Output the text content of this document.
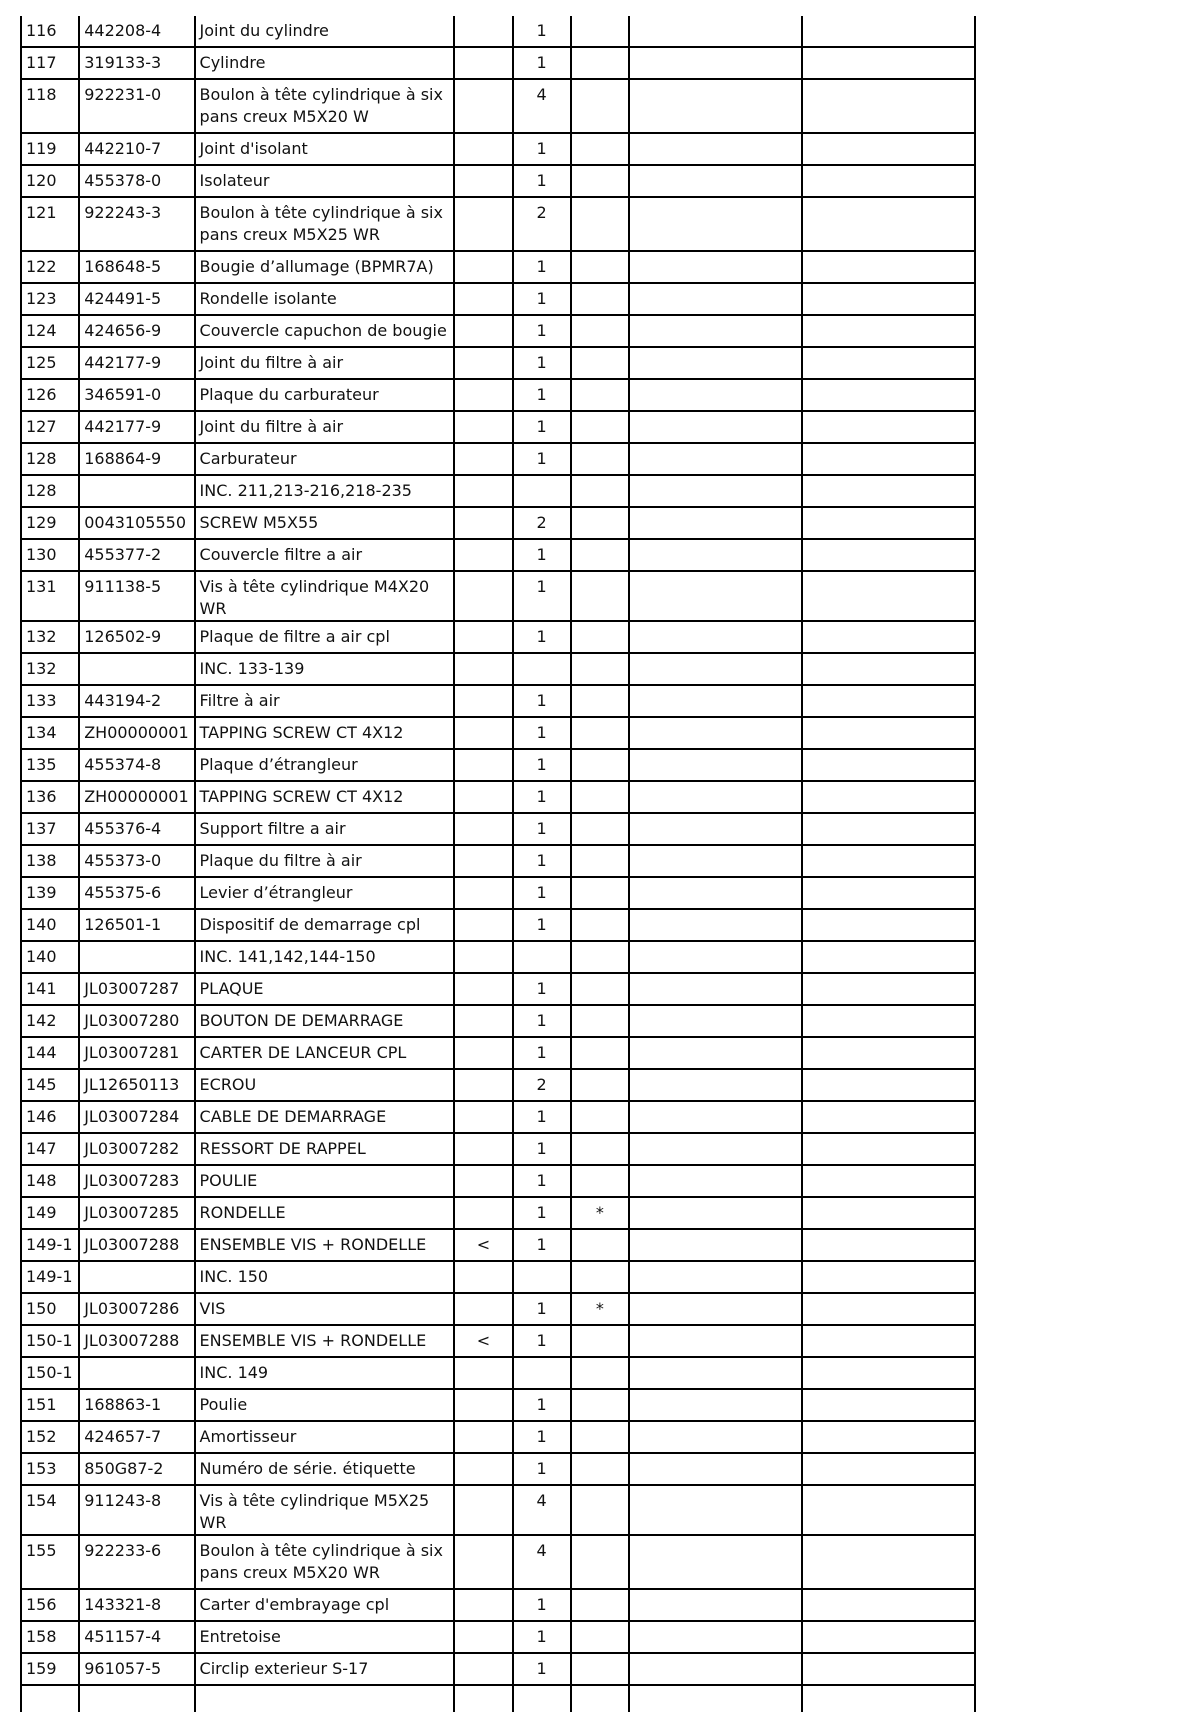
116	442208-4	Joint du cylindre		1			
117	319133-3	Cylindre		1			
118	922231-0	Boulon à tête cylindrique à six pans creux M5X20 W		4			
119	442210-7	Joint d'isolant		1			
120	455378-0	Isolateur		1			
121	922243-3	Boulon à tête cylindrique à six pans creux M5X25 WR		2			
122	168648-5	Bougie d’allumage (BPMR7A)		1			
123	424491-5	Rondelle isolante		1			
124	424656-9	Couvercle capuchon de bougie		1			
125	442177-9	Joint du filtre à air		1			
126	346591-0	Plaque du carburateur		1			
127	442177-9	Joint du filtre à air		1			
128	168864-9	Carburateur		1			
128		INC. 211,213-216,218-235					
129	0043105550	SCREW M5X55		2			
130	455377-2	Couvercle filtre a air		1			
131	911138-5	Vis à tête cylindrique M4X20 WR		1			
132	126502-9	Plaque de filtre a air cpl		1			
132		INC. 133-139					
133	443194-2	Filtre à air		1			
134	ZH00000001	TAPPING SCREW CT 4X12		1			
135	455374-8	Plaque d’étrangleur		1			
136	ZH00000001	TAPPING SCREW CT 4X12		1			
137	455376-4	Support filtre a air		1			
138	455373-0	Plaque du filtre à air		1			
139	455375-6	Levier d’étrangleur		1			
140	126501-1	Dispositif de demarrage cpl		1			
140		INC. 141,142,144-150					
141	JL03007287	PLAQUE		1			
142	JL03007280	BOUTON DE DEMARRAGE		1			
144	JL03007281	CARTER DE LANCEUR CPL		1			
145	JL12650113	ECROU		2			
146	JL03007284	CABLE DE DEMARRAGE		1			
147	JL03007282	RESSORT DE RAPPEL		1			
148	JL03007283	POULIE		1			
149	JL03007285	RONDELLE		1	*		
149-1	JL03007288	ENSEMBLE VIS + RONDELLE	<	1			
149-1		INC. 150					
150	JL03007286	VIS		1	*		
150-1	JL03007288	ENSEMBLE VIS + RONDELLE	<	1			
150-1		INC. 149					
151	168863-1	Poulie		1			
152	424657-7	Amortisseur		1			
153	850G87-2	Numéro de série. étiquette		1			
154	911243-8	Vis à tête cylindrique M5X25 WR		4			
155	922233-6	Boulon à tête cylindrique à six pans creux M5X20 WR		4			
156	143321-8	Carter d'embrayage cpl		1			
158	451157-4	Entretoise		1			
159	961057-5	Circlip exterieur S-17		1			
